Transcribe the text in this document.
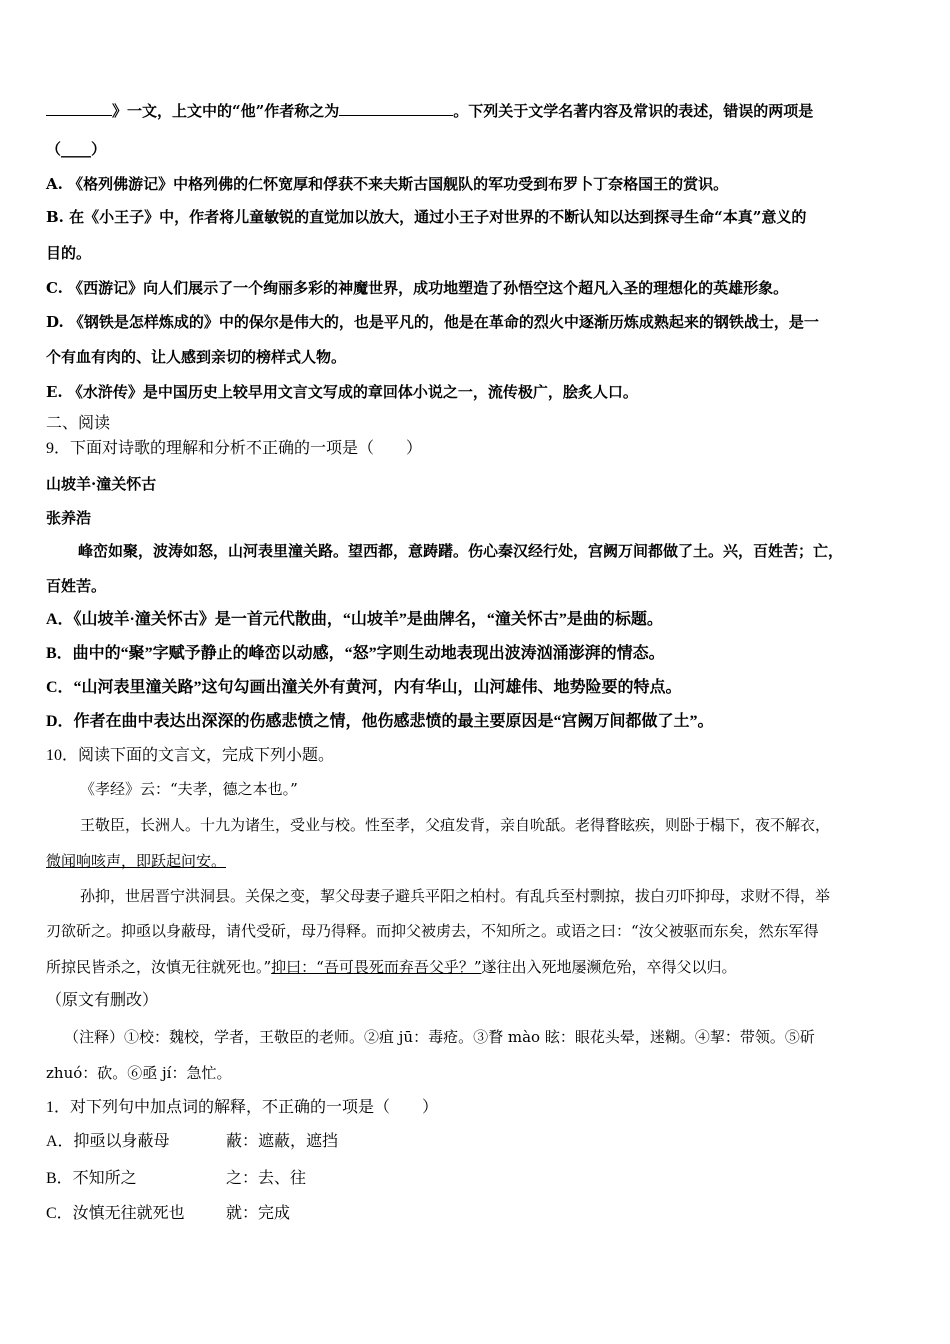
》一文，上文中的“他”作者称之为	。下列关于文学名著内容及常识的表述，错误的两项是
（____）
A. 《格列佛游记》中格列佛的仁怀宽厚和俘获不来夫斯古国舰队的军功受到布罗卜丁奈格国王的赏识。
B. 在《小王子》中，作者将儿童敏锐的直觉加以放大，通过小王子对世界的不断认知以达到探寻生命“本真”意义的
目的。
C. 《西游记》向人们展示了一个绚丽多彩的神魔世界，成功地塑造了孙悟空这个超凡入圣的理想化的英雄形象。
D. 《钢铁是怎样炼成的》中的保尔是伟大的，也是平凡的，他是在革命的烈火中逐渐历炼成熟起来的钢铁战士，是一
个有血有肉的、让人感到亲切的榜样式人物。
E. 《水浒传》是中国历史上较早用文言文写成的章回体小说之一，流传极广，脍炙人口。
二、阅读
9．下面对诗歌的理解和分析不正确的一项是（　　）
山坡羊·潼关怀古
张养浩
峰峦如聚，波涛如怒，山河表里潼关路。望西都，意踌躇。伤心秦汉经行处，宫阙万间都做了土。兴，百姓苦；亡，
百姓苦。
A．《山坡羊·潼关怀古》是一首元代散曲，“山坡羊”是曲牌名，“潼关怀古”是曲的标题。
B．曲中的“聚”字赋予静止的峰峦以动感，“怒”字则生动地表现出波涛汹涌澎湃的情态。
C．“山河表里潼关路”这句勾画出潼关外有黄河，内有华山，山河雄伟、地势险要的特点。
D．作者在曲中表达出深深的伤感悲愤之情，他伤感悲愤的最主要原因是“宫阙万间都做了土”。
10．阅读下面的文言文，完成下列小题。
《孝经》云：“夫孝，德之本也。”
王敬臣，长洲人。十九为诸生，受业与校。性至孝，父疽发背，亲自吮舐。老得瞀眩疾，则卧于榻下，夜不解衣，
微闻响咳声，即跃起问安。
孙抑，世居晋宁洪洞县。关保之变，挈父母妻子避兵平阳之柏村。有乱兵至村剽掠，拔白刃吓抑母，求财不得，举
刃欲斫之。抑亟以身蔽母，请代受斫，母乃得释。而抑父被虏去，不知所之。或语之曰：“汝父被驱而东矣，然东军得
所掠民皆杀之，汝慎无往就死也。”抑曰：“吾可畏死而弃吾父乎？”遂往出入死地屡濒危殆，卒得父以归。
（原文有删改）
（注释）①校：魏校，学者，王敬臣的老师。②疽 jū：毒疮。③瞀 mào 眩：眼花头晕，迷糊。④挈：带领。⑤斫
zhuó：砍。⑥亟 jí：急忙。
1．对下列句中加点词的解释，不正确的一项是（　　）
A．抑亟以身蔽母	蔽：遮蔽，遮挡
B．不知所之	之：去、往
C．汝慎无往就死也	就：完成
